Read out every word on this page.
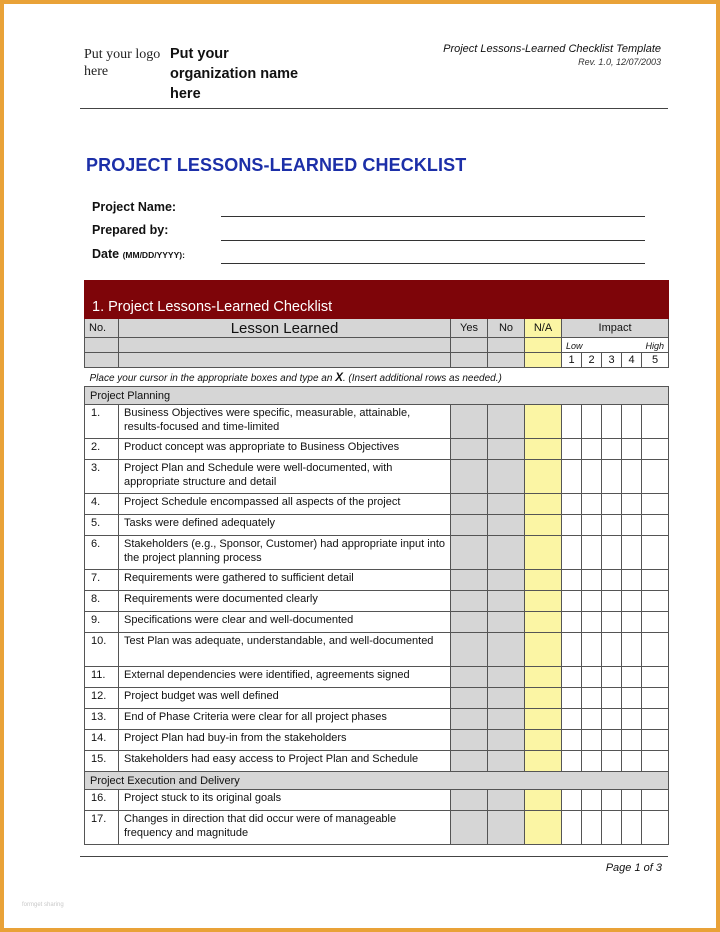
Put your logo here
Put your organization name here
Project Lessons-Learned Checklist Template
Rev. 1.0, 12/07/2003
PROJECT LESSONS-LEARNED CHECKLIST
Project Name:
Prepared by:
Date (MM/DD/YYYY):
1. Project Lessons-Learned Checklist									
No.	Lesson Learned	Yes	No	N/A	Impact				

					Low High				

					1	2	3	4	5
Place your cursor in the appropriate boxes and type an X. (Insert additional rows as needed.)									
Project Planning									
1.	Business Objectives were specific, measurable, attainable, results-focused and time-limited								
2.	Product concept was appropriate to Business Objectives								
3.	Project Plan and Schedule were well-documented, with appropriate structure and detail								
4.	Project Schedule encompassed all aspects of the project								
5.	Tasks were defined adequately								
6.	Stakeholders (e.g., Sponsor, Customer) had appropriate input into the project planning process								
7.	Requirements were gathered to sufficient detail								
8.	Requirements were documented clearly								
9.	Specifications were clear and well-documented								
10.	Test Plan was adequate, understandable, and well-documented								
11.	External dependencies were identified, agreements signed								
12.	Project budget was well defined								
13.	End of Phase Criteria were clear for all project phases								
14.	Project Plan had buy-in from the stakeholders								
15.	Stakeholders had easy access to Project Plan and Schedule								
Project Execution and Delivery									
16.	Project stuck to its original goals								
17.	Changes in direction that did occur were of manageable frequency and magnitude								
Page 1 of 3
formget sharing
